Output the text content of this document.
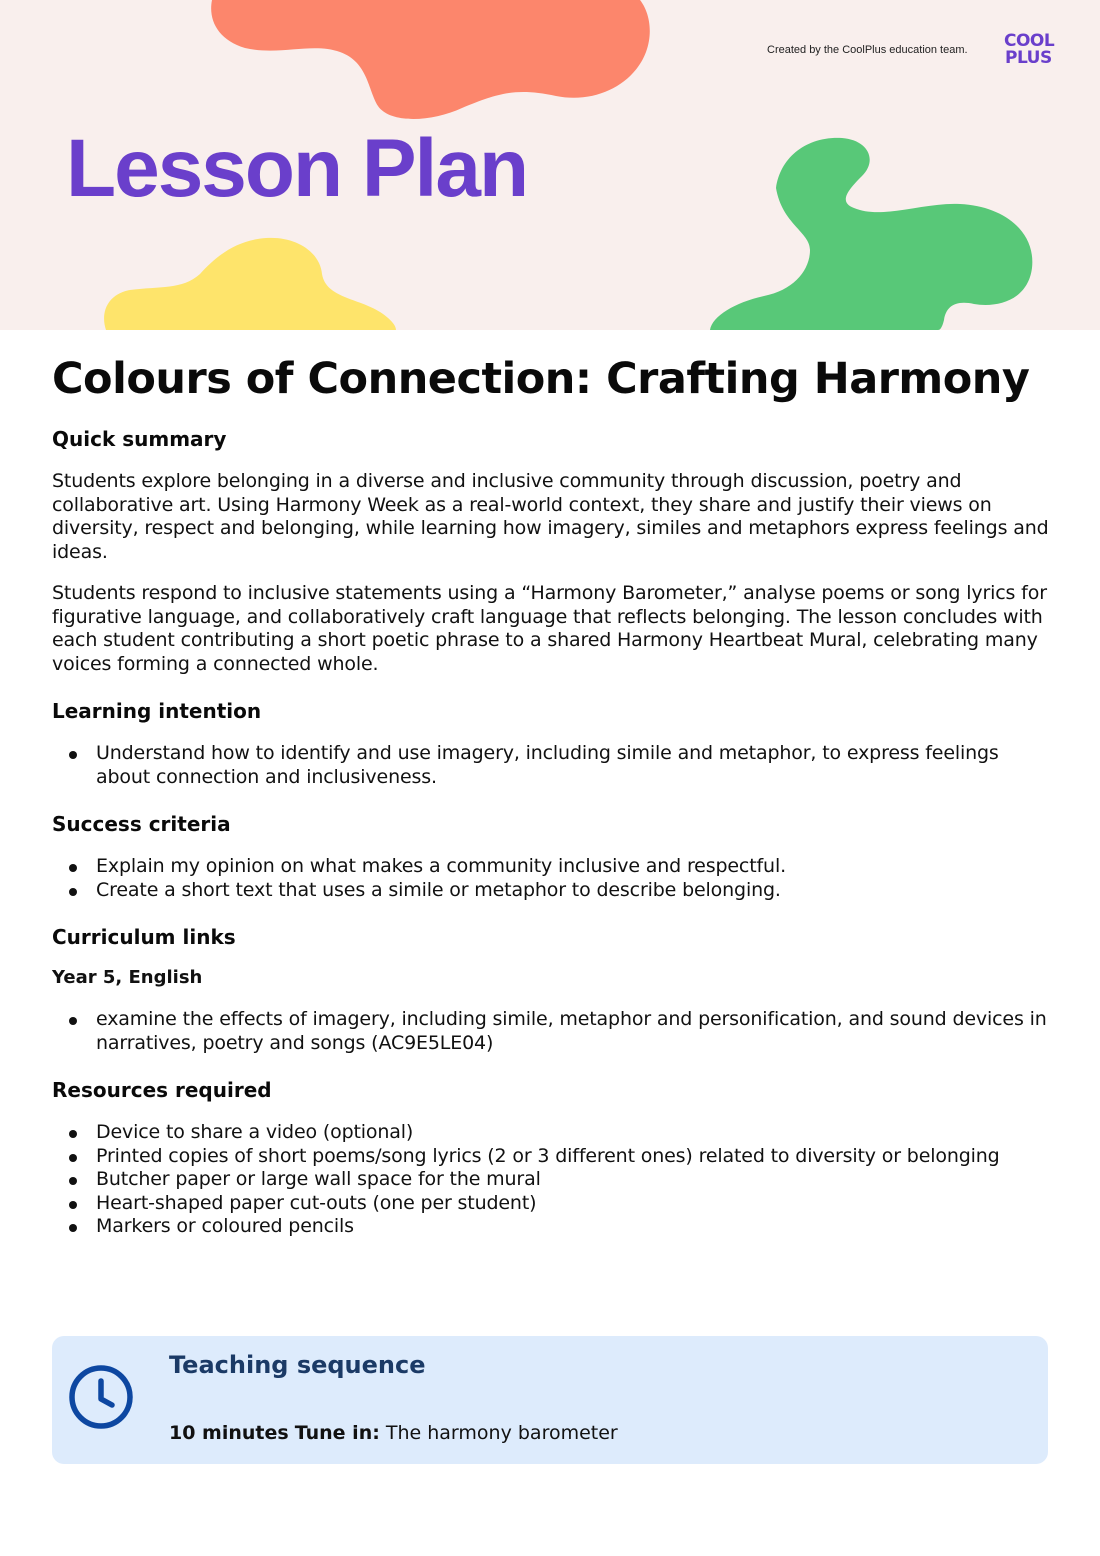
Lesson Plan
Created by the CoolPlus education team. COOL
PLUS
Colours of Connection: Crafting Harmony
Quick summary

Students explore belonging in a diverse and inclusive community through discussion, poetry and collaborative art. Using Harmony Week as a real-world context, they share and justify their views on diversity, respect and belonging, while learning how imagery, similes and metaphors express feelings and ideas.

Students respond to inclusive statements using a “Harmony Barometer,” analyse poems or song lyrics for figurative language, and collaboratively craft language that reflects belonging. The lesson concludes with each student contributing a short poetic phrase to a shared Harmony Heartbeat Mural, celebrating many voices forming a connected whole.

Learning intention
Understand how to identify and use imagery, including simile and metaphor, to express feelings about connection and inclusiveness.
Success criteria
Explain my opinion on what makes a community inclusive and respectful.
Create a short text that uses a simile or metaphor to describe belonging.
Curriculum links
Year 5, English
examine the effects of imagery, including simile, metaphor and personification, and sound devices in narratives, poetry and songs (AC9E5LE04)
Resources required
Device to share a video (optional)
Printed copies of short poems/song lyrics (2 or 3 different ones) related to diversity or belonging
Butcher paper or large wall space for the mural
Heart-shaped paper cut-outs (one per student)
Markers or coloured pencils
Teaching sequence
10 minutes Tune in: The harmony barometer
